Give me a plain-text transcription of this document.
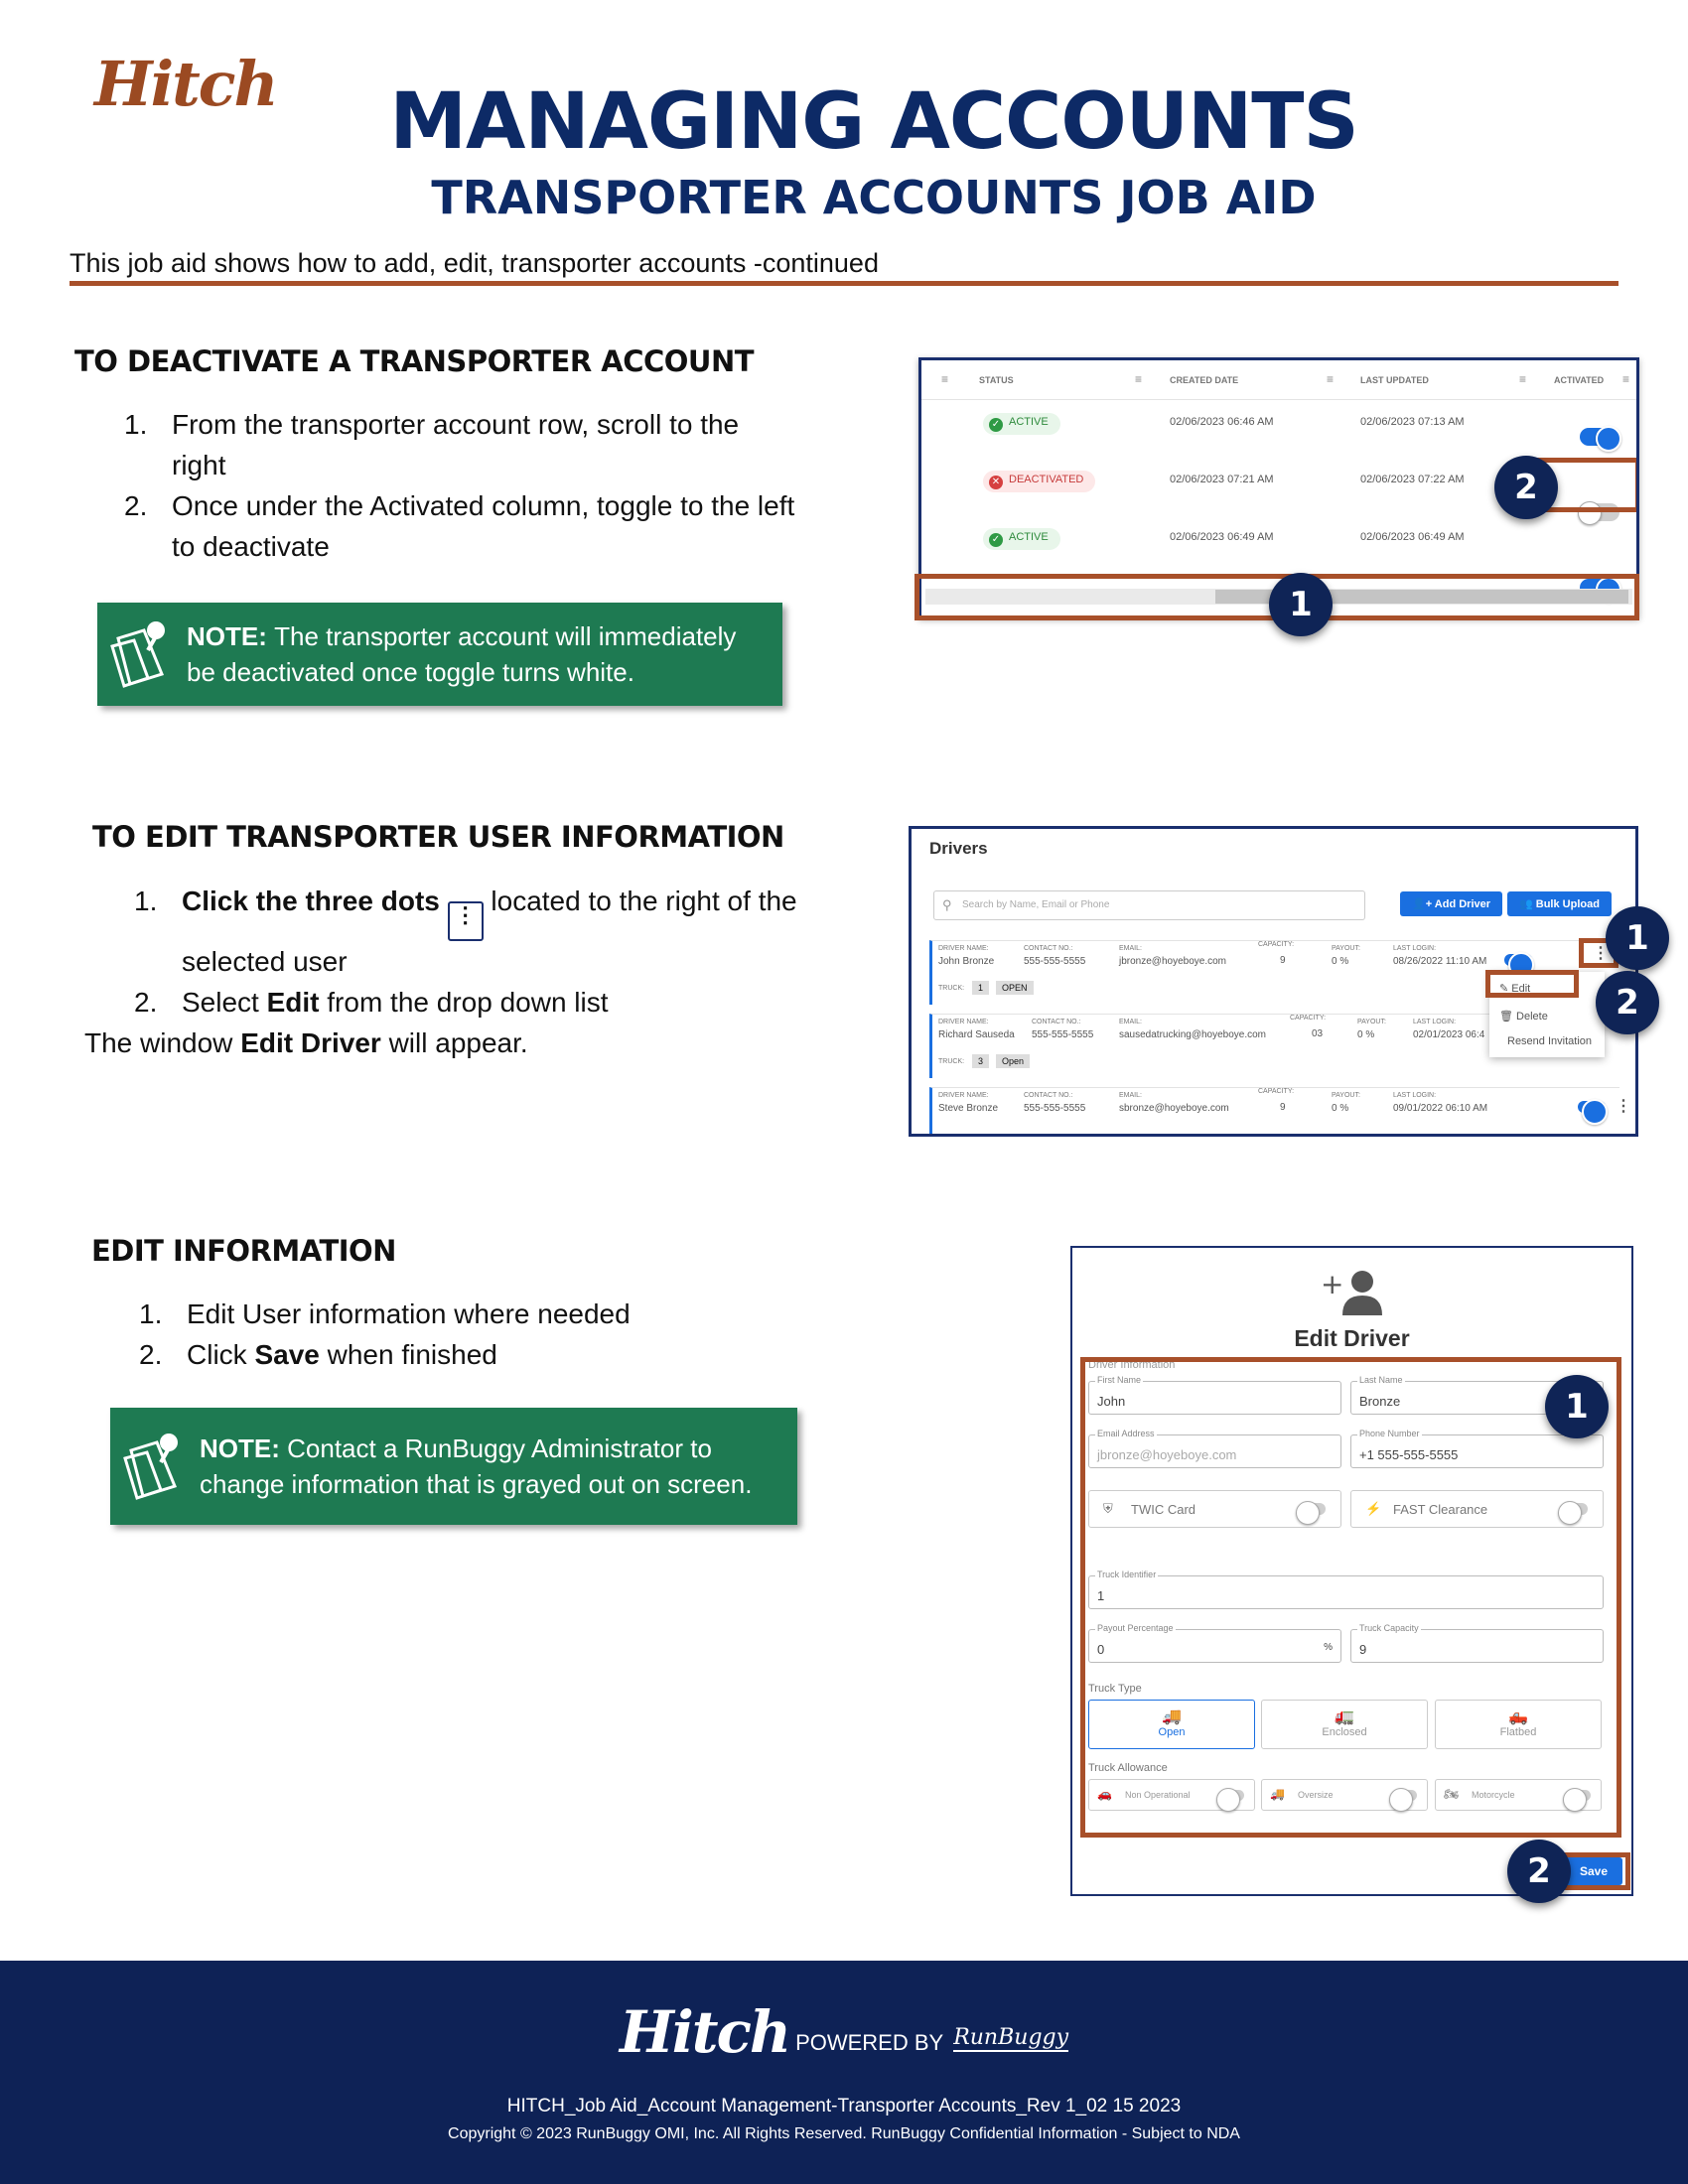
Hitch	MANAGING ACCOUNTS
TRANSPORTER ACCOUNTS JOB AID
This job aid shows how to add, edit, transporter accounts -continued
TO DEACTIVATE A TRANSPORTER ACCOUNT
1. From the transporter account row, scroll to the
right
2. Once under the Activated column, toggle to the left
to deactivate
NOTE: The transporter account will immediately
be deactivated once toggle turns white.
≡	STATUS	≡	CREATED DATE	≡	LAST UPDATED	≡	ACTIVATED ≡
✓ ACTIVE	02/06/2023 06:46 AM	02/06/2023 07:13 AM
✕ DEACTIVATED	02/06/2023 07:21 AM	02/06/2023 07:22 AM
✓ ACTIVE	02/06/2023 06:49 AM	02/06/2023 06:49 AM
1
2
TO EDIT TRANSPORTER USER INFORMATION
1. Click the three dots ⋮ located to the right of the
selected user
2. Select Edit from the drop down list
The window Edit Driver will appear.
Drivers
⚲ Search by Name, Email or Phone	👤+ Add Driver	👥 Bulk Upload
DRIVER NAME:
John Bronze
CONTACT NO.:
555-555-5555
EMAIL:
jbronze@hoyeboye.com
CAPACITY:
9
PAYOUT:
0 %
LAST LOGIN:
08/26/2022 11:10 AM
TRUCK:	1	OPEN
DRIVER NAME:
Richard Sauseda
CONTACT NO.:
555-555-5555
EMAIL:
sausedatrucking@hoyeboye.com
CAPACITY:
03
PAYOUT:
0 %
LAST LOGIN:
02/01/2023 06:4
TRUCK:	3	Open
DRIVER NAME:
Steve Bronze
CONTACT NO.:
555-555-5555
EMAIL:
sbronze@hoyeboye.com
CAPACITY:
9
PAYOUT:
0 %
LAST LOGIN:
09/01/2022 06:10 AM	⋮
✎ Edit
🗑 Delete
Resend Invitation
⋮ 1
2
EDIT INFORMATION
1. Edit User information where needed
2. Click Save when finished
NOTE: Contact a RunBuggy Administrator to
change information that is grayed out on screen.
+
Edit Driver
Driver Information
First Name
John
Last Name
Bronze
Email Address
jbronze@hoyeboye.com
Phone Number
+1 555-555-5555
⛨ TWIC Card	⚡ FAST Clearance
Truck Identifier
1
Payout Percentage
0	%
Truck Capacity
9
Truck Type
🚚
Open
🚛
Enclosed
🛻
Flatbed
Truck Allowance
🚗 Non Operational	🚚 Oversize	🏍 Motorcycle
Save
1
2
Hitch POWERED BY RunBuggy
HITCH_Job Aid_Account Management-Transporter Accounts_Rev 1_02 15 2023
Copyright © 2023 RunBuggy OMI, Inc. All Rights Reserved. RunBuggy Confidential Information - Subject to NDA
